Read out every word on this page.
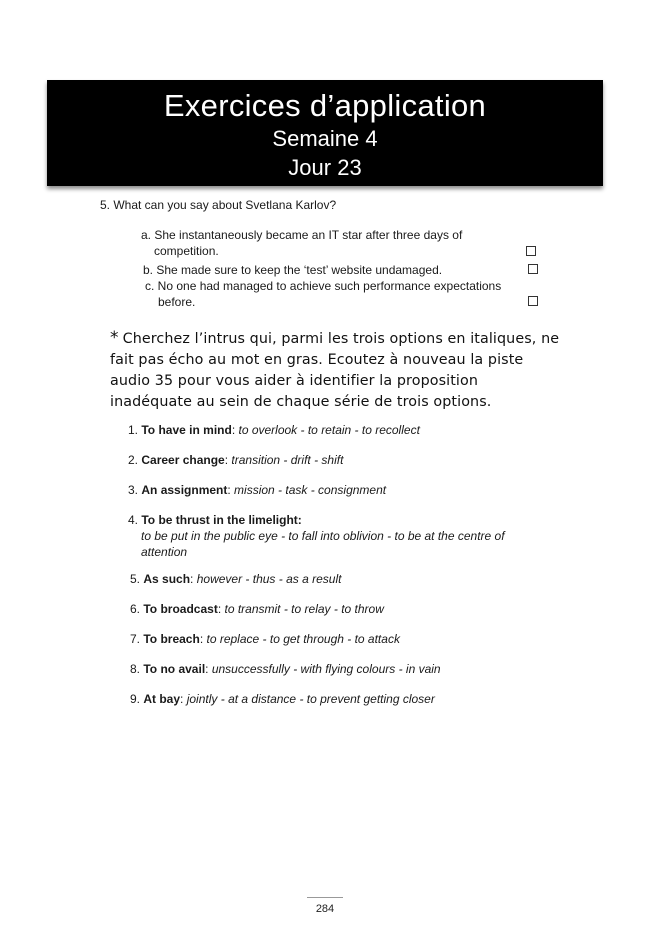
Exercices d’application
Semaine 4
Jour 23
5. What can you say about Svetlana Karlov?
a. She instantaneously became an IT star after three days of
competition.
b. She made sure to keep the ‘test’ website undamaged.
c. No one had managed to achieve such performance expectations
before.
* Cherchez l’intrus qui, parmi les trois options en italiques, ne fait pas écho au mot en gras. Ecoutez à nouveau la piste audio 35 pour vous aider à identifier la proposition inadéquate au sein de chaque série de trois options.
1. To have in mind: to overlook - to retain - to recollect
2. Career change: transition - drift - shift
3. An assignment: mission - task - consignment
4. To be thrust in the limelight:
to be put in the public eye - to fall into oblivion - to be at the centre of
attention
5. As such: however - thus - as a result
6. To broadcast: to transmit - to relay - to throw
7. To breach: to replace - to get through - to attack
8. To no avail: unsuccessfully - with flying colours - in vain
9. At bay: jointly - at a distance - to prevent getting closer
284
